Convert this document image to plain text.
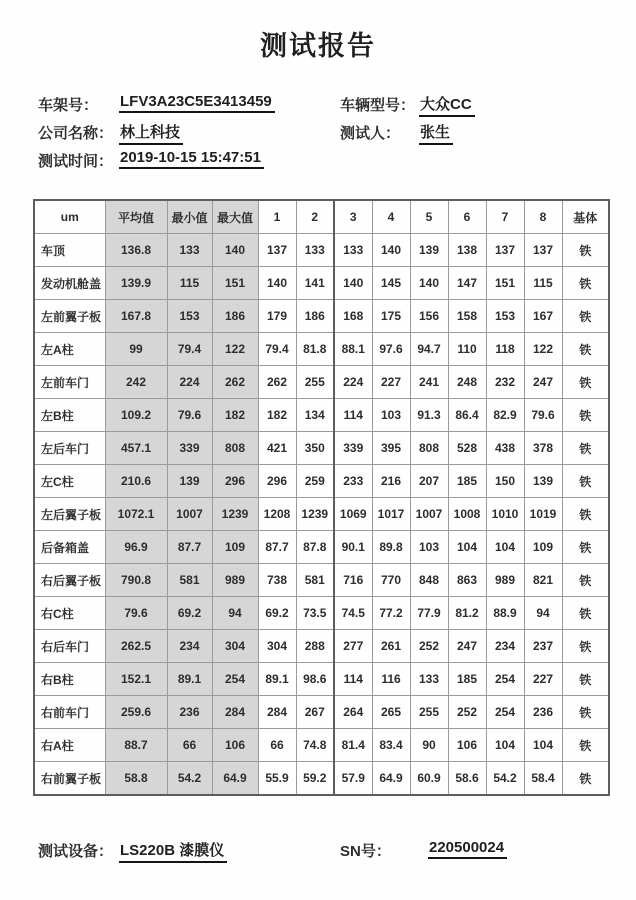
测试报告
车架号： LFV3A23C5E3413459	车辆型号： 大众CC
公司名称： 林上科技	测试人： 张生
测试时间： 2019-10-15 15:47:51
um	平均值	最小值	最大值	1	2	3	4	5	6	7	8	基体
车顶	136.8	133	140	137	133	133	140	139	138	137	137	铁
发动机舱盖	139.9	115	151	140	141	140	145	140	147	151	115	铁
左前翼子板	167.8	153	186	179	186	168	175	156	158	153	167	铁
左A柱	99	79.4	122	79.4	81.8	88.1	97.6	94.7	110	118	122	铁
左前车门	242	224	262	262	255	224	227	241	248	232	247	铁
左B柱	109.2	79.6	182	182	134	114	103	91.3	86.4	82.9	79.6	铁
左后车门	457.1	339	808	421	350	339	395	808	528	438	378	铁
左C柱	210.6	139	296	296	259	233	216	207	185	150	139	铁
左后翼子板	1072.1	1007	1239	1208	1239	1069	1017	1007	1008	1010	1019	铁
后备箱盖	96.9	87.7	109	87.7	87.8	90.1	89.8	103	104	104	109	铁
右后翼子板	790.8	581	989	738	581	716	770	848	863	989	821	铁
右C柱	79.6	69.2	94	69.2	73.5	74.5	77.2	77.9	81.2	88.9	94	铁
右后车门	262.5	234	304	304	288	277	261	252	247	234	237	铁
右B柱	152.1	89.1	254	89.1	98.6	114	116	133	185	254	227	铁
右前车门	259.6	236	284	284	267	264	265	255	252	254	236	铁
右A柱	88.7	66	106	66	74.8	81.4	83.4	90	106	104	104	铁
右前翼子板	58.8	54.2	64.9	55.9	59.2	57.9	64.9	60.9	58.6	54.2	58.4	铁
测试设备： LS220B 漆膜仪	SN号：	220500024
